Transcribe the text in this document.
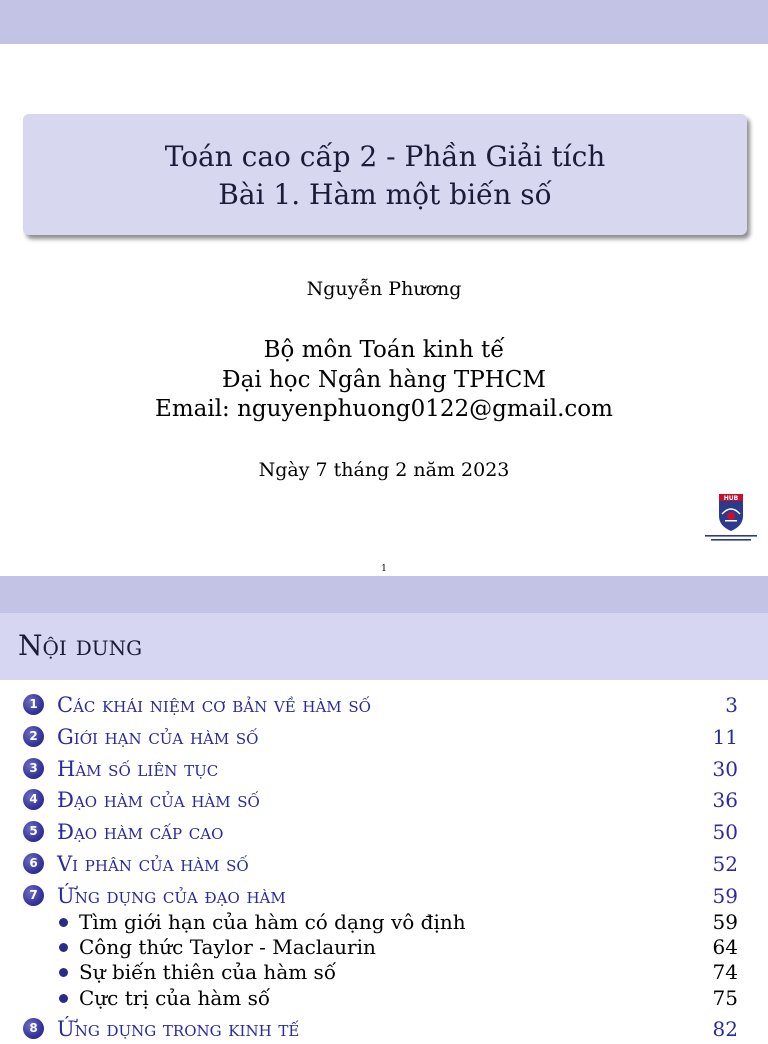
Toán cao cấp 2 - Phần Giải tích
Bài 1. Hàm một biến số
Nguyễn Phương
Bộ môn Toán kinh tế
Đại học Ngân hàng TPHCM
Email: nguyenphuong0122@gmail.com
Ngày 7 tháng 2 năm 2023
HUB
1
Nội dung
1 Các khái niệm cơ bản về hàm số	3
2 Giới hạn của hàm số	11
3 Hàm số liên tục	30
4 Đạo hàm của hàm số	36
5 Đạo hàm cấp cao	50
6 Vi phân của hàm số	52
7 Ứng dụng của đạo hàm	59
Tìm giới hạn của hàm có dạng vô định	59
Công thức Taylor - Maclaurin	64
Sự biến thiên của hàm số	74
Cực trị của hàm số	75
8 Ứng dụng trong kinh tế	82
